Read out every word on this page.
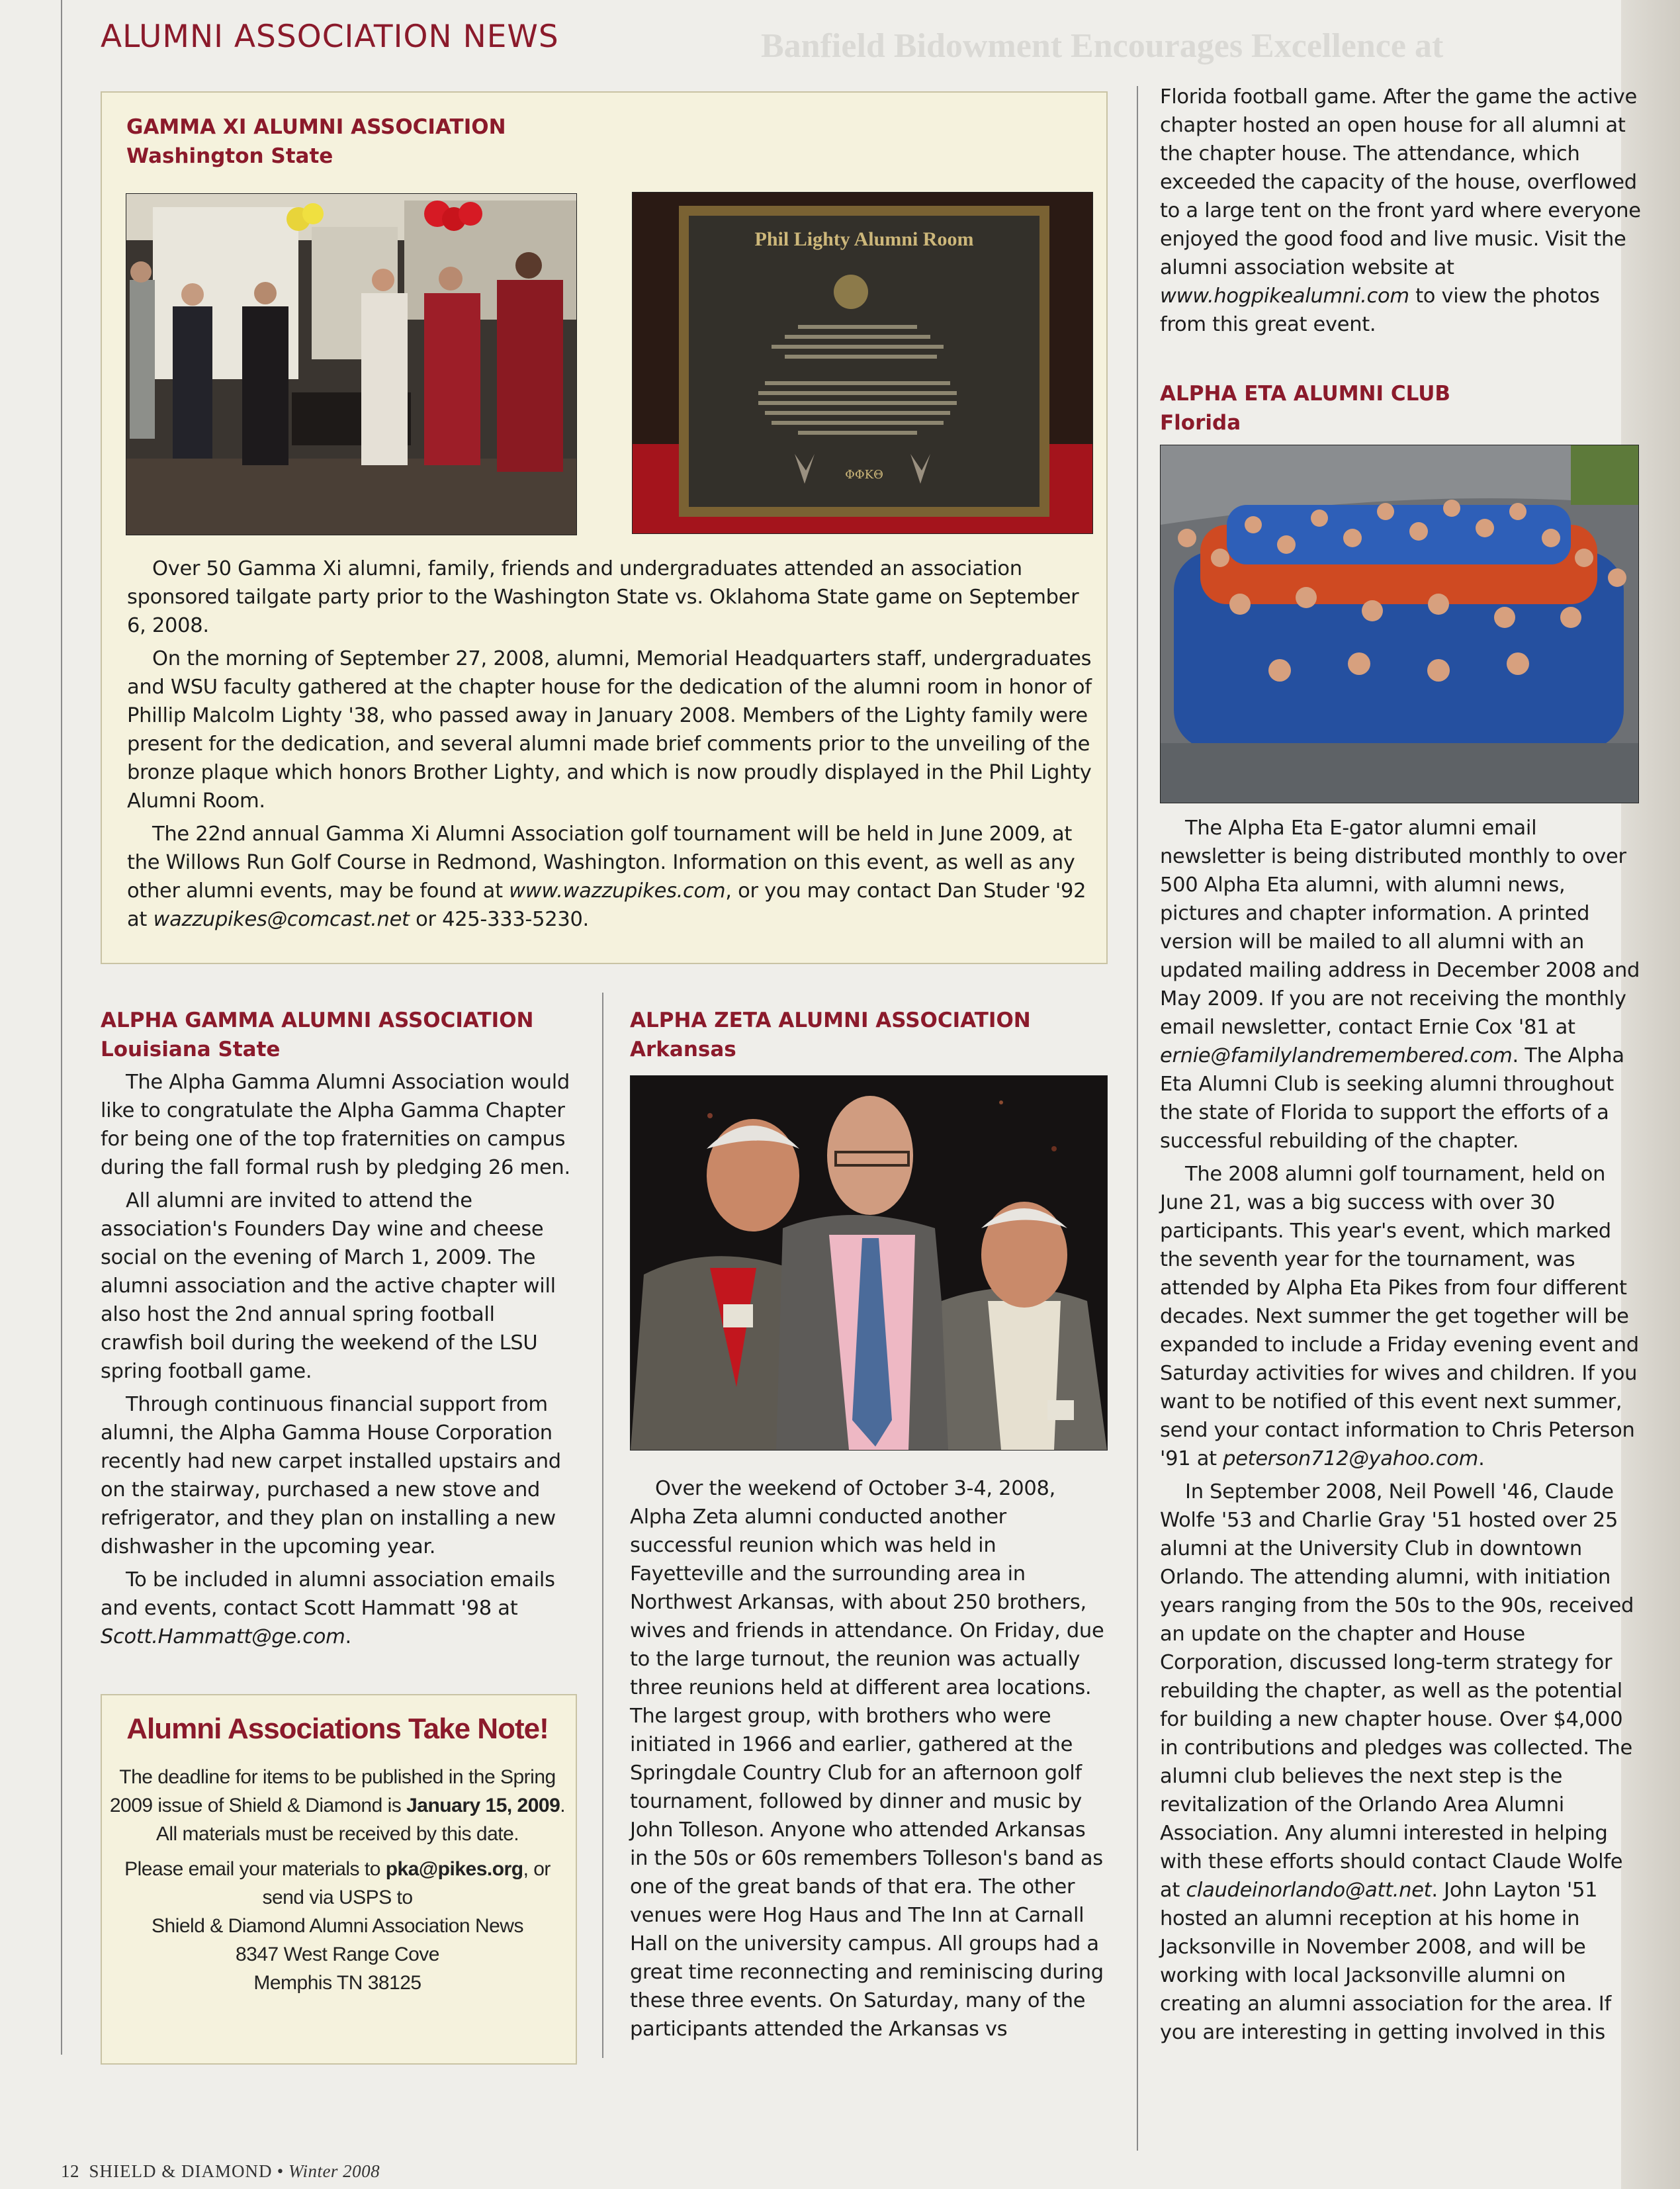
Banfield Bidowment Encourages Excellence at
ALUMNI ASSOCIATION NEWS
GAMMA XI ALUMNI ASSOCIATION
Washington State
Phil Lighty Alumni Room
ΦΦΚΘ

Over 50 Gamma Xi alumni, family, friends and undergraduates attended an association sponsored tailgate party prior to the Washington State vs. Oklahoma State game on September 6, 2008.

On the morning of September 27, 2008, alumni, Memorial Headquarters staff, undergraduates and WSU faculty gathered at the chapter house for the dedication of the alumni room in honor of Phillip Malcolm Lighty '38, who passed away in January 2008. Members of the Lighty family were present for the dedication, and several alumni made brief comments prior to the unveiling of the bronze plaque which honors Brother Lighty, and which is now proudly displayed in the Phil Lighty Alumni Room.

The 22nd annual Gamma Xi Alumni Association golf tournament will be held in June 2009, at the Willows Run Golf Course in Redmond, Washington. Information on this event, as well as any other alumni events, may be found at www.wazzupikes.com, or you may contact Dan Studer '92 at wazzupikes@comcast.net or 425-333-5230.

ALPHA GAMMA ALUMNI ASSOCIATION
Louisiana State

The Alpha Gamma Alumni Association would like to congratulate the Alpha Gamma Chapter for being one of the top fraternities on campus during the fall formal rush by pledging 26 men.

All alumni are invited to attend the association's Founders Day wine and cheese social on the evening of March 1, 2009. The alumni association and the active chapter will also host the 2nd annual spring football crawfish boil during the weekend of the LSU spring football game.

Through continuous financial support from alumni, the Alpha Gamma House Corporation recently had new carpet installed upstairs and on the stairway, purchased a new stove and refrigerator, and they plan on installing a new dishwasher in the upcoming year.

To be included in alumni association emails and events, contact Scott Hammatt '98 at Scott.Hammatt@ge.com.

Alumni Associations Take Note!

The deadline for items to be published in the Spring 2009 issue of Shield & Diamond is January 15, 2009. All materials must be received by this date.

Please email your materials to pka@pikes.org, or send via USPS to
Shield & Diamond Alumni Association News
8347 West Range Cove
Memphis TN 38125

ALPHA ZETA ALUMNI ASSOCIATION
Arkansas

Over the weekend of October 3-4, 2008, Alpha Zeta alumni conducted another successful reunion which was held in Fayetteville and the surrounding area in Northwest Arkansas, with about 250 brothers, wives and friends in attendance. On Friday, due to the large turnout, the reunion was actually three reunions held at different area locations. The largest group, with brothers who were initiated in 1966 and earlier, gathered at the Springdale Country Club for an afternoon golf tournament, followed by dinner and music by John Tolleson. Anyone who attended Arkansas in the 50s or 60s remembers Tolleson's band as one of the great bands of that era. The other venues were Hog Haus and The Inn at Carnall Hall on the university campus. All groups had a great time reconnecting and reminiscing during these three events. On Saturday, many of the participants attended the Arkansas vs

Florida football game. After the game the active chapter hosted an open house for all alumni at the chapter house. The attendance, which exceeded the capacity of the house, overflowed to a large tent on the front yard where everyone enjoyed the good food and live music. Visit the alumni association website at www.hogpikealumni.com to view the photos from this great event.

ALPHA ETA ALUMNI CLUB
Florida

The Alpha Eta E-gator alumni email newsletter is being distributed monthly to over 500 Alpha Eta alumni, with alumni news, pictures and chapter information. A printed version will be mailed to all alumni with an updated mailing address in December 2008 and May 2009. If you are not receiving the monthly email newsletter, contact Ernie Cox '81 at ernie@familylandremembered.com. The Alpha Eta Alumni Club is seeking alumni throughout the state of Florida to support the efforts of a successful rebuilding of the chapter.

The 2008 alumni golf tournament, held on June 21, was a big success with over 30 participants. This year's event, which marked the seventh year for the tournament, was attended by Alpha Eta Pikes from four different decades. Next summer the get together will be expanded to include a Friday evening event and Saturday activities for wives and children. If you want to be notified of this event next summer, send your contact information to Chris Peterson '91 at peterson712@yahoo.com.

In September 2008, Neil Powell '46, Claude Wolfe '53 and Charlie Gray '51 hosted over 25 alumni at the University Club in downtown Orlando. The attending alumni, with initiation years ranging from the 50s to the 90s, received an update on the chapter and House Corporation, discussed long-term strategy for rebuilding the chapter, as well as the potential for building a new chapter house. Over $4,000 in contributions and pledges was collected. The alumni club believes the next step is the revitalization of the Orlando Area Alumni Association. Any alumni interested in helping with these efforts should contact Claude Wolfe at claudeinorlando@att.net. John Layton '51 hosted an alumni reception at his home in Jacksonville in November 2008, and will be working with local Jacksonville alumni on creating an alumni association for the area. If you are interesting in getting involved in this

12 SHIELD & DIAMOND • Winter 2008
